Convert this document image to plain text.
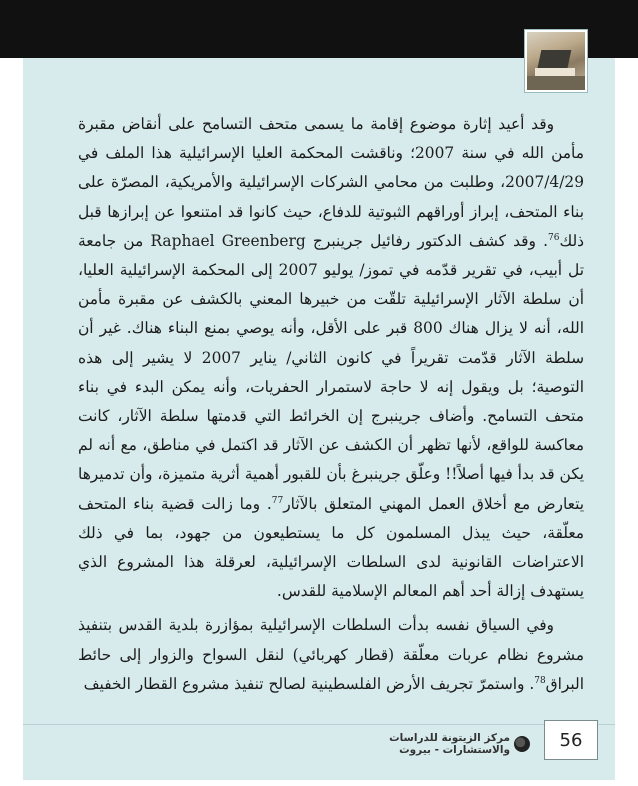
وقد أعيد إثارة موضوع إقامة ما يسمى متحف التسامح على أنقاض مقبرة مأمن الله في سنة 2007؛ وناقشت المحكمة العليا الإسرائيلية هذا الملف في 2007/4/29، وطلبت من محامي الشركات الإسرائيلية والأمريكية، المصرّة على بناء المتحف، إبراز أوراقهم الثبوتية للدفاع، حيث كانوا قد امتنعوا عن إبرازها قبل ذلك$^{76}$. وقد كشف الدكتور رفائيل جرينبرج Raphael Greenberg من جامعة تل أبيب، في تقرير قدّمه في تموز/ يوليو 2007 إلى المحكمة الإسرائيلية العليا، أن سلطة الآثار الإسرائيلية تلقّت من خبيرها المعني بالكشف عن مقبرة مأمن الله، أنه لا يزال هناك 800 قبر على الأقل، وأنه يوصي بمنع البناء هناك. غير أن سلطة الآثار قدّمت تقريراً في كانون الثاني/ يناير 2007 لا يشير إلى هذه التوصية؛ بل ويقول إنه لا حاجة لاستمرار الحفريات، وأنه يمكن البدء في بناء متحف التسامح. وأضاف جرينبرج إن الخرائط التي قدمتها سلطة الآثار، كانت معاكسة للواقع، لأنها تظهر أن الكشف عن الآثار قد اكتمل في مناطق، مع أنه لم يكن قد بدأ فيها أصلاً!! وعلّق جرينبرغ بأن للقبور أهمية أثرية متميزة، وأن تدميرها يتعارض مع أخلاق العمل المهني المتعلق بالآثار$^{77}$. وما زالت قضية بناء المتحف معلّقة، حيث يبذل المسلمون كل ما يستطيعون من جهود، بما في ذلك الاعتراضات القانونية لدى السلطات الإسرائيلية، لعرقلة هذا المشروع الذي يستهدف إزالة أحد أهم المعالم الإسلامية للقدس.

وفي السياق نفسه بدأت السلطات الإسرائيلية بمؤازرة بلدية القدس بتنفيذ مشروع نظام عربات معلّقة (قطار كهربائي) لنقل السواح والزوار إلى حائط البراق$^{78}$. واستمرّ تجريف الأرض الفلسطينية لصالح تنفيذ مشروع القطار الخفيف

56
مركز الزيتونة للدراسات والاستشارات - بيروت
